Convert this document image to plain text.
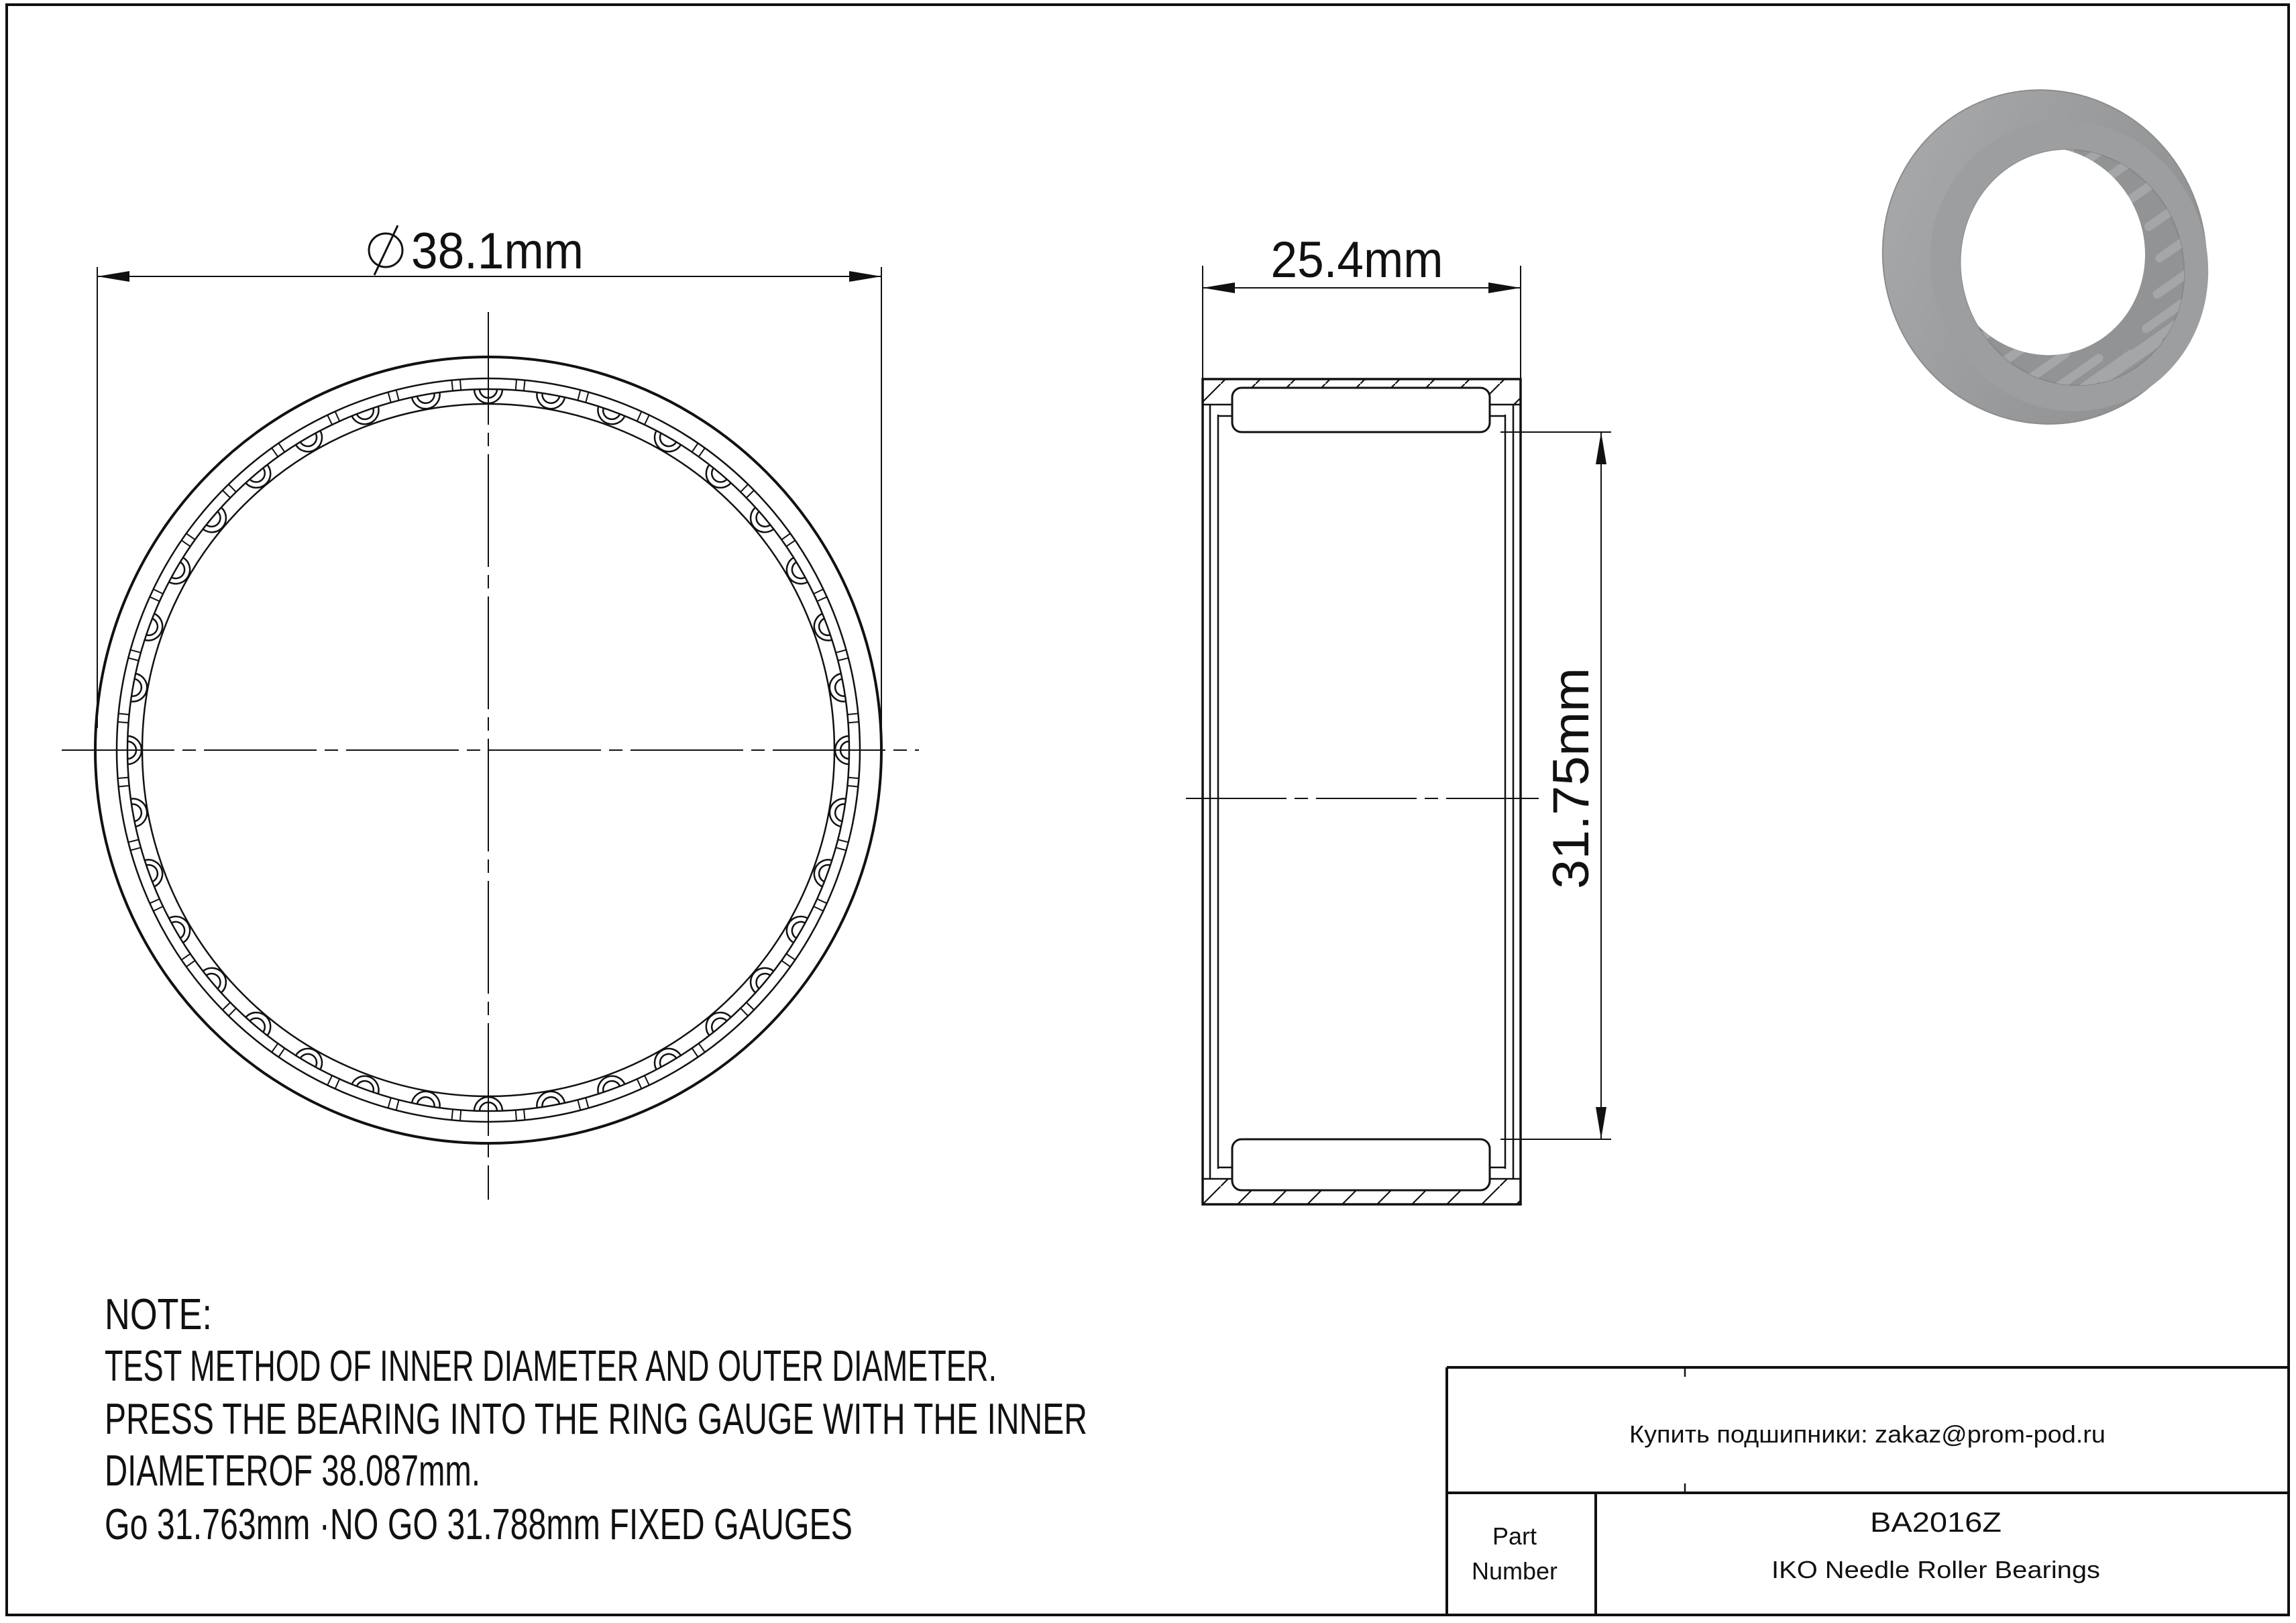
38.1mm	25.4mm
31.75mm
NOTE:
TEST METHOD OF INNER DIAMETER AND OUTER DIAMETER.
PRESS THE BEARING INTO THE RING GAUGE WITH THE INNER
DIAMETEROF 38.087mm.
Go 31.763mm ·NO GO 31.788mm FIXED GAUGES
Купить подшипники: zakaz@prom-pod.ru
Part
Number
BA2016Z
IKO Needle Roller Bearings
